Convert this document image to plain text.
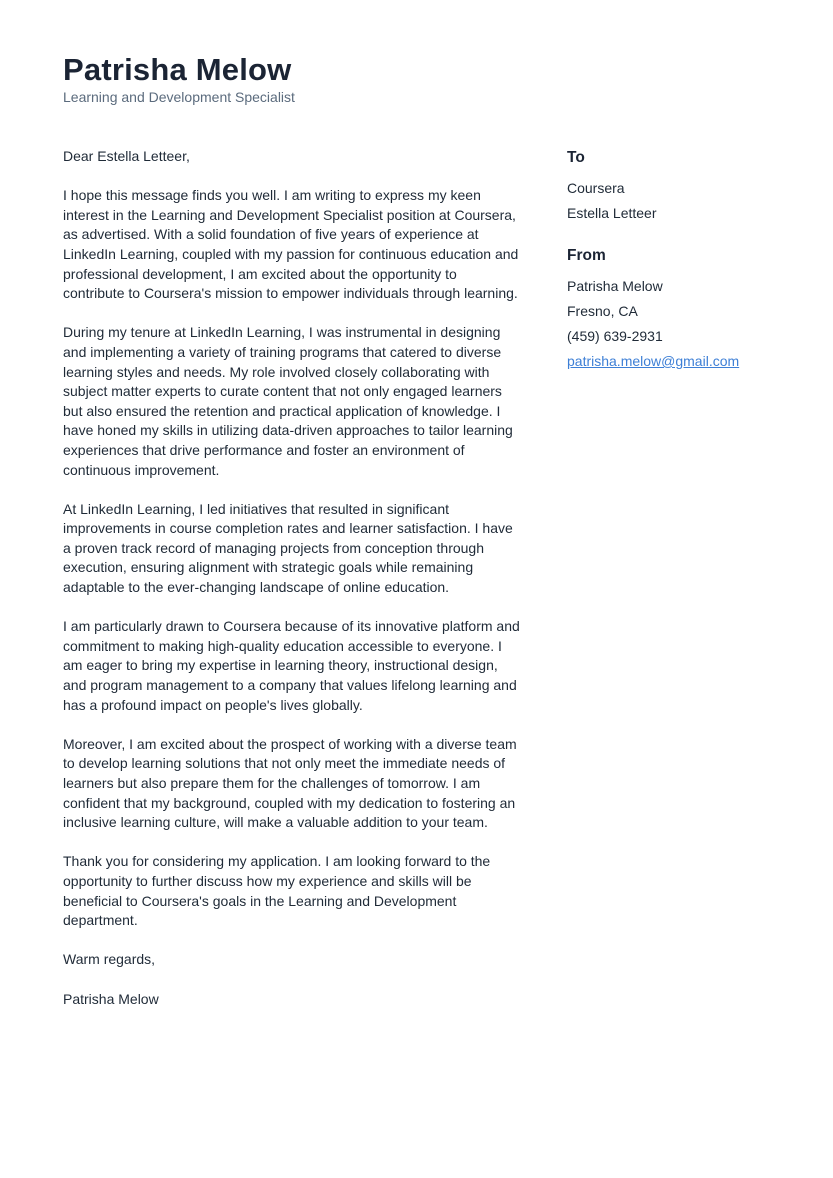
Patrisha Melow
Learning and Development Specialist

Dear Estella Letteer,

I hope this message finds you well. I am writing to express my keen interest in the Learning and Development Specialist position at Coursera, as advertised. With a solid foundation of five years of experience at LinkedIn Learning, coupled with my passion for continuous education and professional development, I am excited about the opportunity to contribute to Coursera's mission to empower individuals through learning.

During my tenure at LinkedIn Learning, I was instrumental in designing and implementing a variety of training programs that catered to diverse learning styles and needs. My role involved closely collaborating with subject matter experts to curate content that not only engaged learners but also ensured the retention and practical application of knowledge. I have honed my skills in utilizing data-driven approaches to tailor learning experiences that drive performance and foster an environment of continuous improvement.

At LinkedIn Learning, I led initiatives that resulted in significant improvements in course completion rates and learner satisfaction. I have a proven track record of managing projects from conception through execution, ensuring alignment with strategic goals while remaining adaptable to the ever-changing landscape of online education.

I am particularly drawn to Coursera because of its innovative platform and commitment to making high-quality education accessible to everyone. I am eager to bring my expertise in learning theory, instructional design, and program management to a company that values lifelong learning and has a profound impact on people's lives globally.

Moreover, I am excited about the prospect of working with a diverse team to develop learning solutions that not only meet the immediate needs of learners but also prepare them for the challenges of tomorrow. I am confident that my background, coupled with my dedication to fostering an inclusive learning culture, will make a valuable addition to your team.

Thank you for considering my application. I am looking forward to the opportunity to further discuss how my experience and skills will be beneficial to Coursera's goals in the Learning and Development department.

Warm regards,

Patrisha Melow

To
Coursera
Estella Letteer
From
Patrisha Melow
Fresno, CA
(459) 639-2931
patrisha.melow@gmail.com
